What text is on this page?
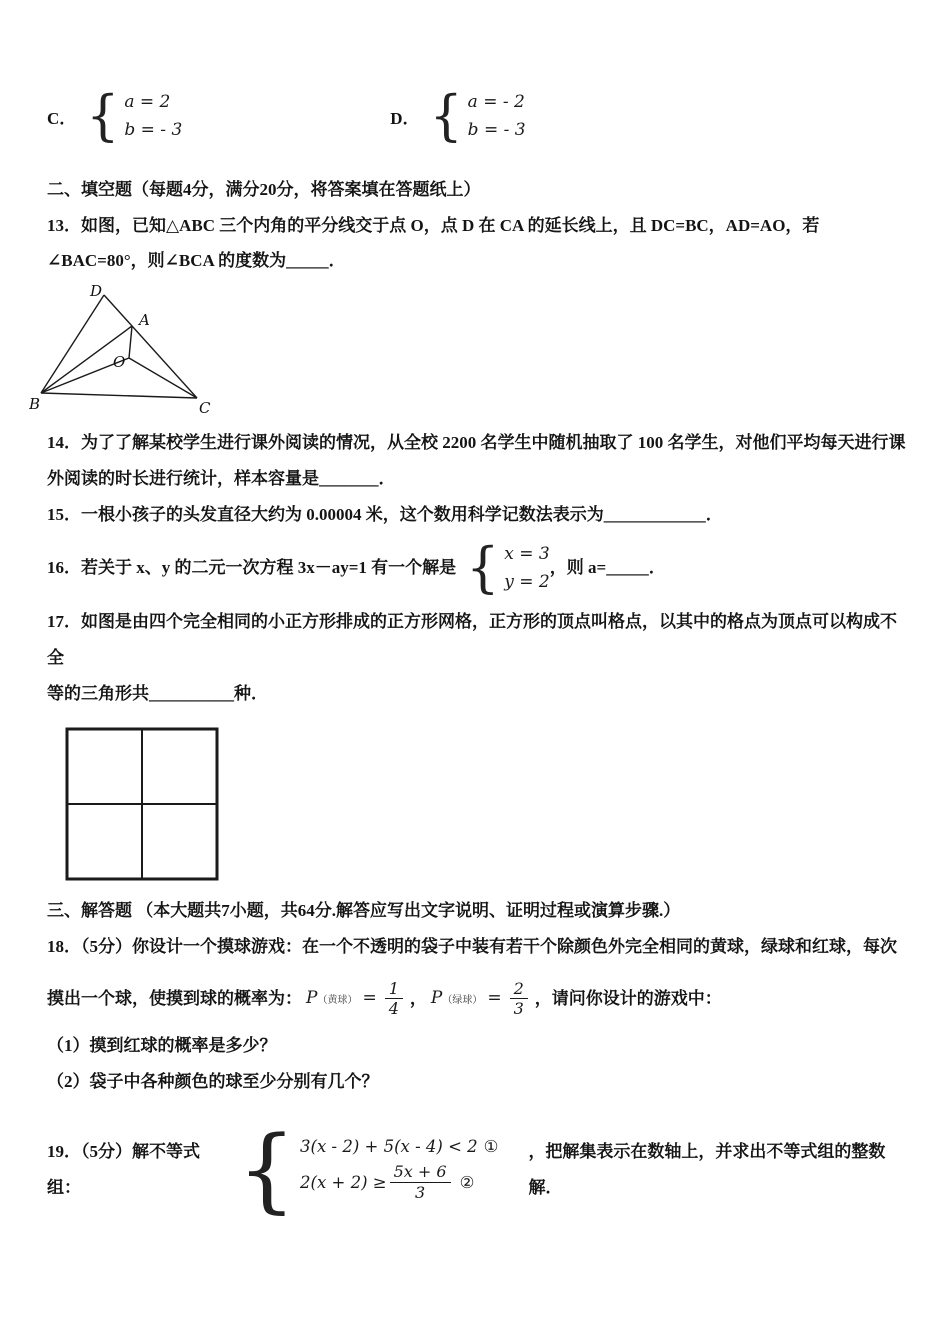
C． { a = 2
b = - 3
D． { a = - 2
b = - 3
二、填空题（每题4分，满分20分，将答案填在答题纸上）
13．如图，已知△ABC 三个内角的平分线交于点 O，点 D 在 CA 的延长线上，且 DC=BC，AD=AO，若
∠BAC=80°，则∠BCA 的度数为_____．
D
A
O
B	C
14．为了了解某校学生进行课外阅读的情况，从全校 2200 名学生中随机抽取了 100 名学生，对他们平均每天进行课
外阅读的时长进行统计，样本容量是_______．
15．一根小孩子的头发直径大约为 0.00004 米，这个数用科学记数法表示为____________．
16．若关于 x、y 的二元一次方程 3x－ay=1 有一个解是 { x = 3
y = 2
，则 a=_____．
17．如图是由四个完全相同的小正方形排成的正方形网格，正方形的顶点叫格点，以其中的格点为顶点可以构成不全
等的三角形共__________种．
三、解答题 （本大题共7小题，共64分.解答应写出文字说明、证明过程或演算步骤.）
18．（5分）你设计一个摸球游戏：在一个不透明的袋子中装有若干个除颜色外完全相同的黄球，绿球和红球，每次
摸出一个球，使摸到球的概率为： P （黄球） = $\frac{1}{4}$ ， P （绿球） = $\frac{2}{3}$ ，请问你设计的游戏中：
（1）摸到红球的概率是多少？
（2）袋子中各种颜色的球至少分别有几个？
19．（5分）解不等式组：	{ 3(x - 2) + 5(x - 4) < 2 ①
$2(x + 2) \ge \frac{5x + 6}{3}$ ②
，把解集表示在数轴上，并求出不等式组的整数解．
